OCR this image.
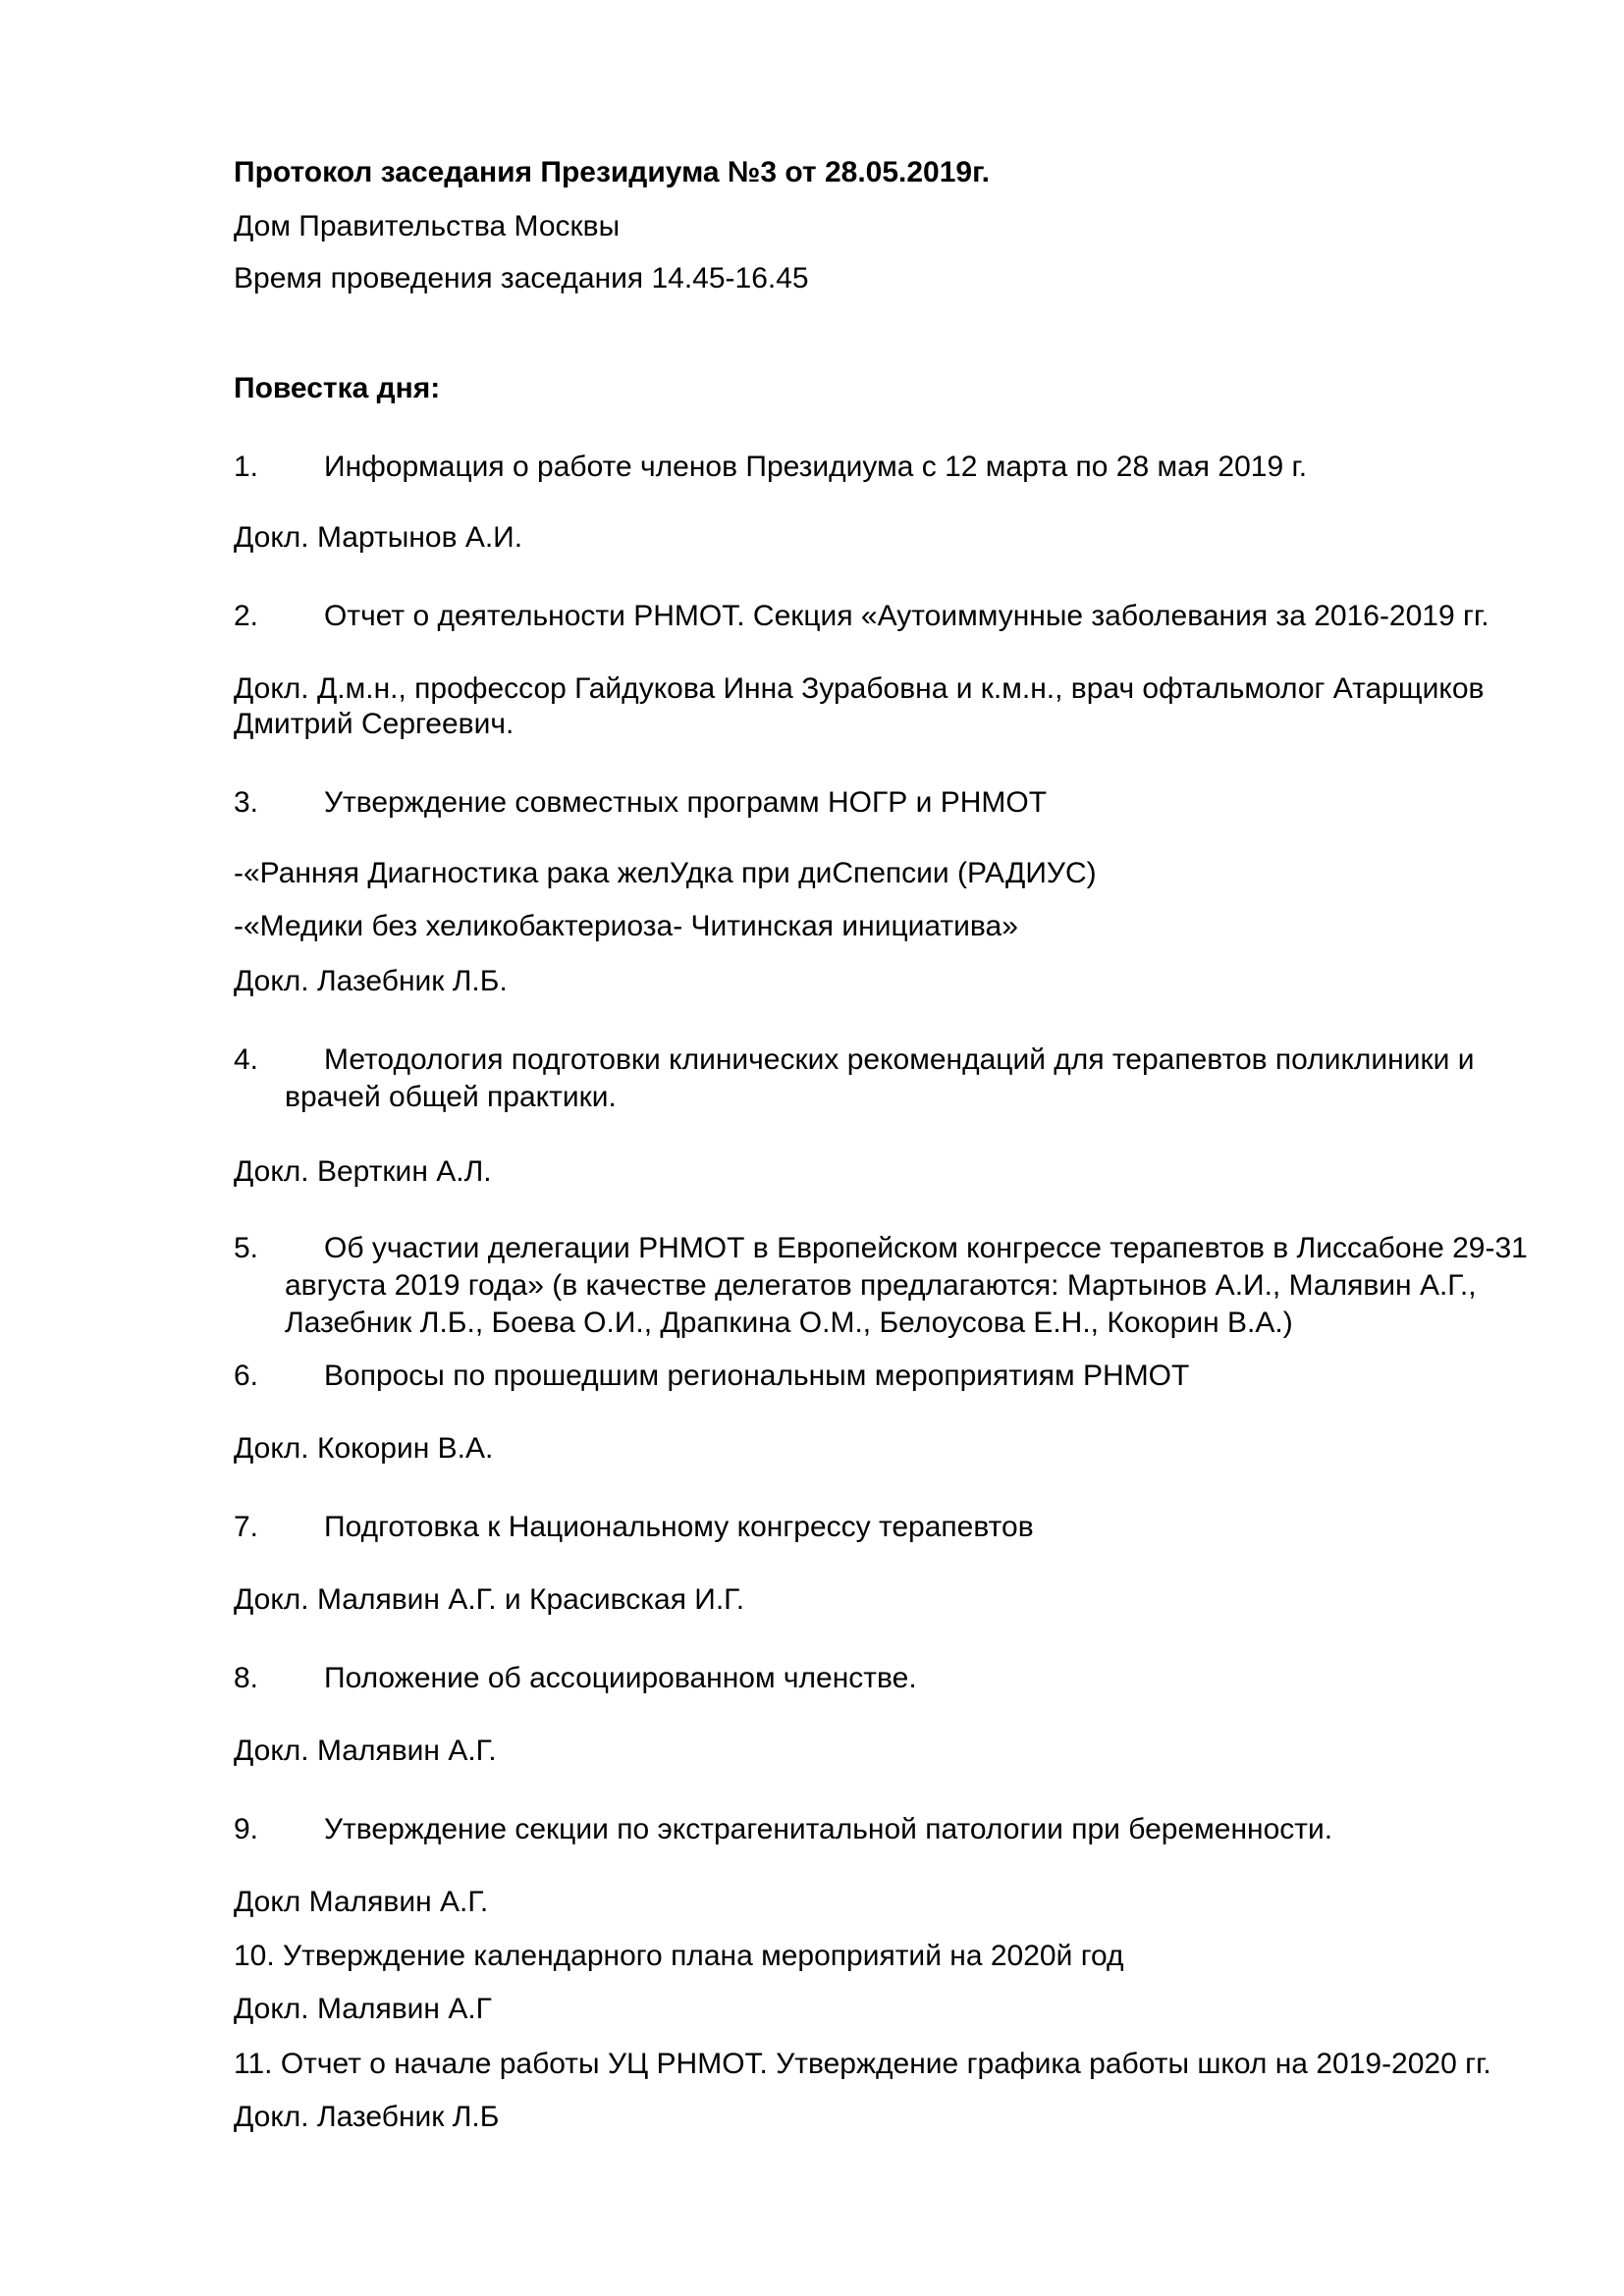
Протокол заседания Президиума №3 от 28.05.2019г.
Дом Правительства Москвы
Время проведения заседания 14.45-16.45
Повестка дня:
1. Информация о работе членов Президиума с 12 марта по 28 мая 2019 г.
Докл. Мартынов А.И.
2. Отчет о деятельности РНМОТ. Секция «Аутоиммунные заболевания за 2016-2019 гг.
Докл. Д.м.н., профессор Гайдукова Инна Зурабовна и к.м.н., врач офтальмолог Атарщиков
Дмитрий Сергеевич.
3. Утверждение совместных программ НОГР и РНМОТ
-«Ранняя Диагностика рака желУдка при диСпепсии (РАДИУС)
-«Медики без хеликобактериоза- Читинская инициатива»
Докл. Лазебник Л.Б.
4. Методология подготовки клинических рекомендаций для терапевтов поликлиники и
врачей общей практики.
Докл. Верткин А.Л.
5. Об участии делегации РНМОТ в Европейском конгрессе терапевтов в Лиссабоне 29-31
августа 2019 года» (в качестве делегатов предлагаются: Мартынов А.И., Малявин А.Г.,
Лазебник Л.Б., Боева О.И., Драпкина О.М., Белоусова Е.Н., Кокорин В.А.)
6. Вопросы по прошедшим региональным мероприятиям РНМОТ
Докл. Кокорин В.А.
7. Подготовка к Национальному конгрессу терапевтов
Докл. Малявин А.Г. и Красивская И.Г.
8. Положение об ассоциированном членстве.
Докл. Малявин А.Г.
9. Утверждение секции по экстрагенитальной патологии при беременности.
Докл Малявин А.Г.
10. Утверждение календарного плана мероприятий на 2020й год
Докл. Малявин А.Г
11. Отчет о начале работы УЦ РНМОТ. Утверждение графика работы школ на 2019-2020 гг.
Докл. Лазебник Л.Б
